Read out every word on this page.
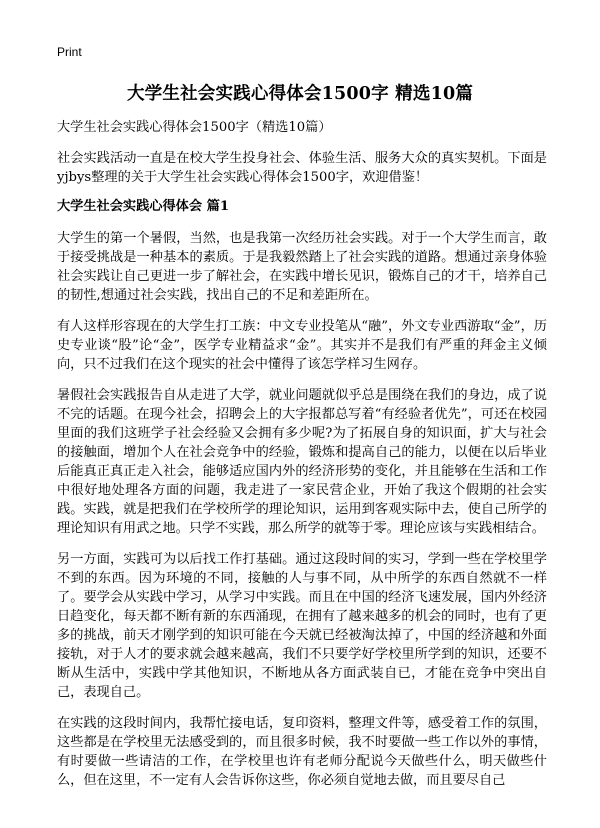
Print
大学生社会实践心得体会1500字 精选10篇

大学生社会实践心得体会1500字（精选10篇）

社会实践活动一直是在校大学生投身社会、体验生活、服务大众的真实契机。下面是yjbys整理的关于大学生社会实践心得体会1500字，欢迎借鉴！

大学生社会实践心得体会 篇1

大学生的第一个暑假，当然，也是我第一次经历社会实践。对于一个大学生而言，敢于接受挑战是一种基本的素质。于是我毅然踏上了社会实践的道路。想通过亲身体验社会实践让自己更进一步了解社会，在实践中增长见识，锻炼自己的才干，培养自己的韧性,想通过社会实践，找出自己的不足和差距所在。

有人这样形容现在的大学生打工族：中文专业投笔从“融”，外文专业西游取“金”，历史专业谈“股”论“金”，医学专业精益求“金”。其实并不是我们有严重的拜金主义倾向，只不过我们在这个现实的社会中懂得了该怎学样习生网存。

暑假社会实践报告自从走进了大学，就业问题就似乎总是围绕在我们的身边，成了说不完的话题。在现今社会，招聘会上的大字报都总写着“有经验者优先”，可还在校园里面的我们这班学子社会经验又会拥有多少呢?为了拓展自身的知识面，扩大与社会的接触面，增加个人在社会竞争中的经验，锻炼和提高自己的能力，以便在以后毕业后能真正真正走入社会，能够适应国内外的经济形势的变化，并且能够在生活和工作中很好地处理各方面的问题，我走进了一家民营企业，开始了我这个假期的社会实践。实践，就是把我们在学校所学的理论知识，运用到客观实际中去，使自己所学的理论知识有用武之地。只学不实践，那么所学的就等于零。理论应该与实践相结合。

另一方面，实践可为以后找工作打基础。通过这段时间的实习，学到一些在学校里学不到的东西。因为环境的不同，接触的人与事不同，从中所学的东西自然就不一样了。要学会从实践中学习，从学习中实践。而且在中国的经济飞速发展，国内外经济日趋变化，每天都不断有新的东西涌现，在拥有了越来越多的机会的同时，也有了更多的挑战，前天才刚学到的知识可能在今天就已经被淘汰掉了，中国的经济越和外面接轨，对于人才的要求就会越来越高，我们不只要学好学校里所学到的知识，还要不断从生活中，实践中学其他知识，不断地从各方面武装自已，才能在竞争中突出自己，表现自己。

在实践的这段时间内，我帮忙接电话，复印资料，整理文件等，感受着工作的氛围，这些都是在学校里无法感受到的，而且很多时候，我不时要做一些工作以外的事情，有时要做一些请洁的工作，在学校里也许有老师分配说今天做些什么，明天做些什么，但在这里，不一定有人会告诉你这些，你必须自觉地去做，而且要尽自己
